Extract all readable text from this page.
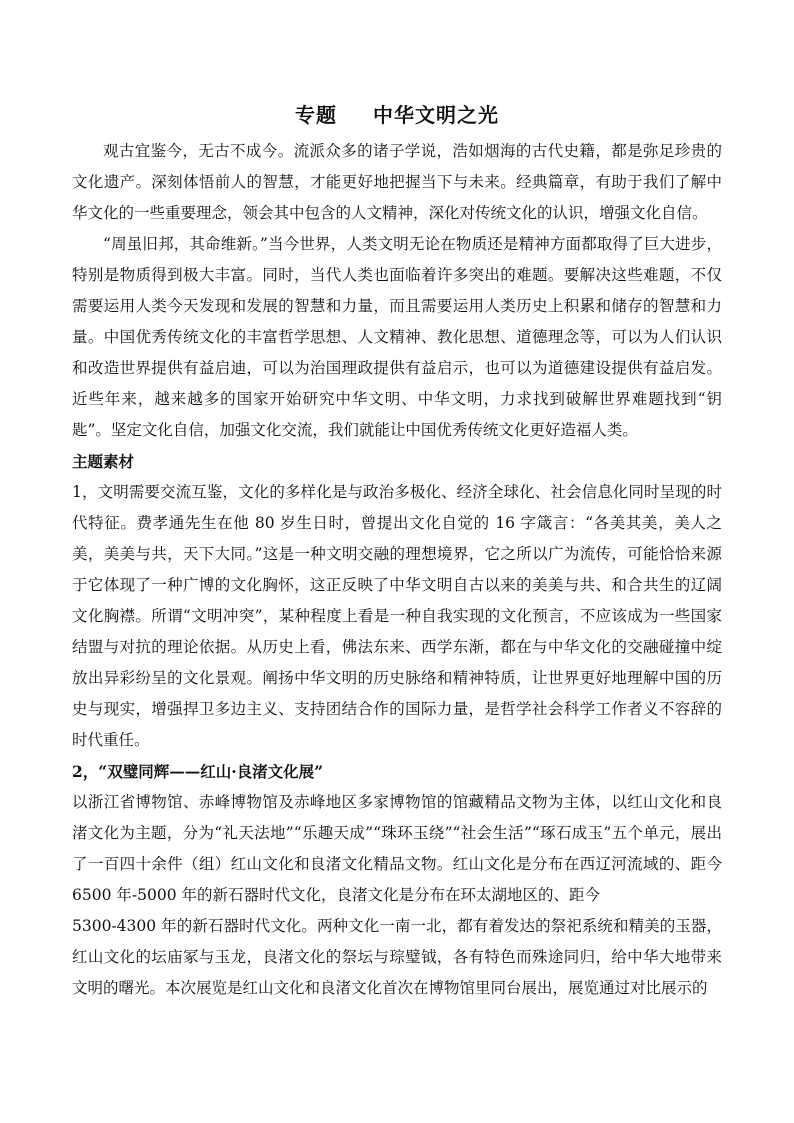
专题 中华文明之光

观古宜鉴今，无古不成今。流派众多的诸子学说，浩如烟海的古代史籍，都是弥足珍贵的文化遗产。深刻体悟前人的智慧，才能更好地把握当下与未来。经典篇章，有助于我们了解中华文化的一些重要理念，领会其中包含的人文精神，深化对传统文化的认识，增强文化自信。

“周虽旧邦，其命维新。”当今世界，人类文明无论在物质还是精神方面都取得了巨大进步，特别是物质得到极大丰富。同时，当代人类也面临着许多突出的难题。要解决这些难题，不仅需要运用人类今天发现和发展的智慧和力量，而且需要运用人类历史上积累和储存的智慧和力量。中国优秀传统文化的丰富哲学思想、人文精神、教化思想、道德理念等，可以为人们认识和改造世界提供有益启迪，可以为治国理政提供有益启示，也可以为道德建设提供有益启发。近些年来，越来越多的国家开始研究中华文明、中华文明，力求找到破解世界难题找到“钥匙”。坚定文化自信，加强文化交流，我们就能让中国优秀传统文化更好造福人类。

主题素材

1，文明需要交流互鉴，文化的多样化是与政治多极化、经济全球化、社会信息化同时呈现的时代特征。费孝通先生在他 80 岁生日时，曾提出文化自觉的 16 字箴言：“各美其美，美人之美，美美与共，天下大同。”这是一种文明交融的理想境界，它之所以广为流传，可能恰恰来源于它体现了一种广博的文化胸怀，这正反映了中华文明自古以来的美美与共、和合共生的辽阔文化胸襟。所谓“文明冲突”，某种程度上看是一种自我实现的文化预言，不应该成为一些国家结盟与对抗的理论依据。从历史上看，佛法东来、西学东渐，都在与中华文化的交融碰撞中绽放出异彩纷呈的文化景观。阐扬中华文明的历史脉络和精神特质，让世界更好地理解中国的历史与现实，增强捍卫多边主义、支持团结合作的国际力量，是哲学社会科学工作者义不容辞的时代重任。

2，“双璧同辉——红山·良渚文化展”

以浙江省博物馆、赤峰博物馆及赤峰地区多家博物馆的馆藏精品文物为主体，以红山文化和良渚文化为主题，分为“礼天法地”“乐趣天成”“珠环玉绕”“社会生活”“琢石成玉”五个单元，展出了一百四十余件（组）红山文化和良渚文化精品文物。红山文化是分布在西辽河流域的、距今 6500 年-5000 年的新石器时代文化，良渚文化是分布在环太湖地区的、距今

5300-4300 年的新石器时代文化。两种文化一南一北，都有着发达的祭祀系统和精美的玉器，红山文化的坛庙冢与玉龙，良渚文化的祭坛与琮璧钺，各有特色而殊途同归，给中华大地带来文明的曙光。本次展览是红山文化和良渚文化首次在博物馆里同台展出，展览通过对比展示的
